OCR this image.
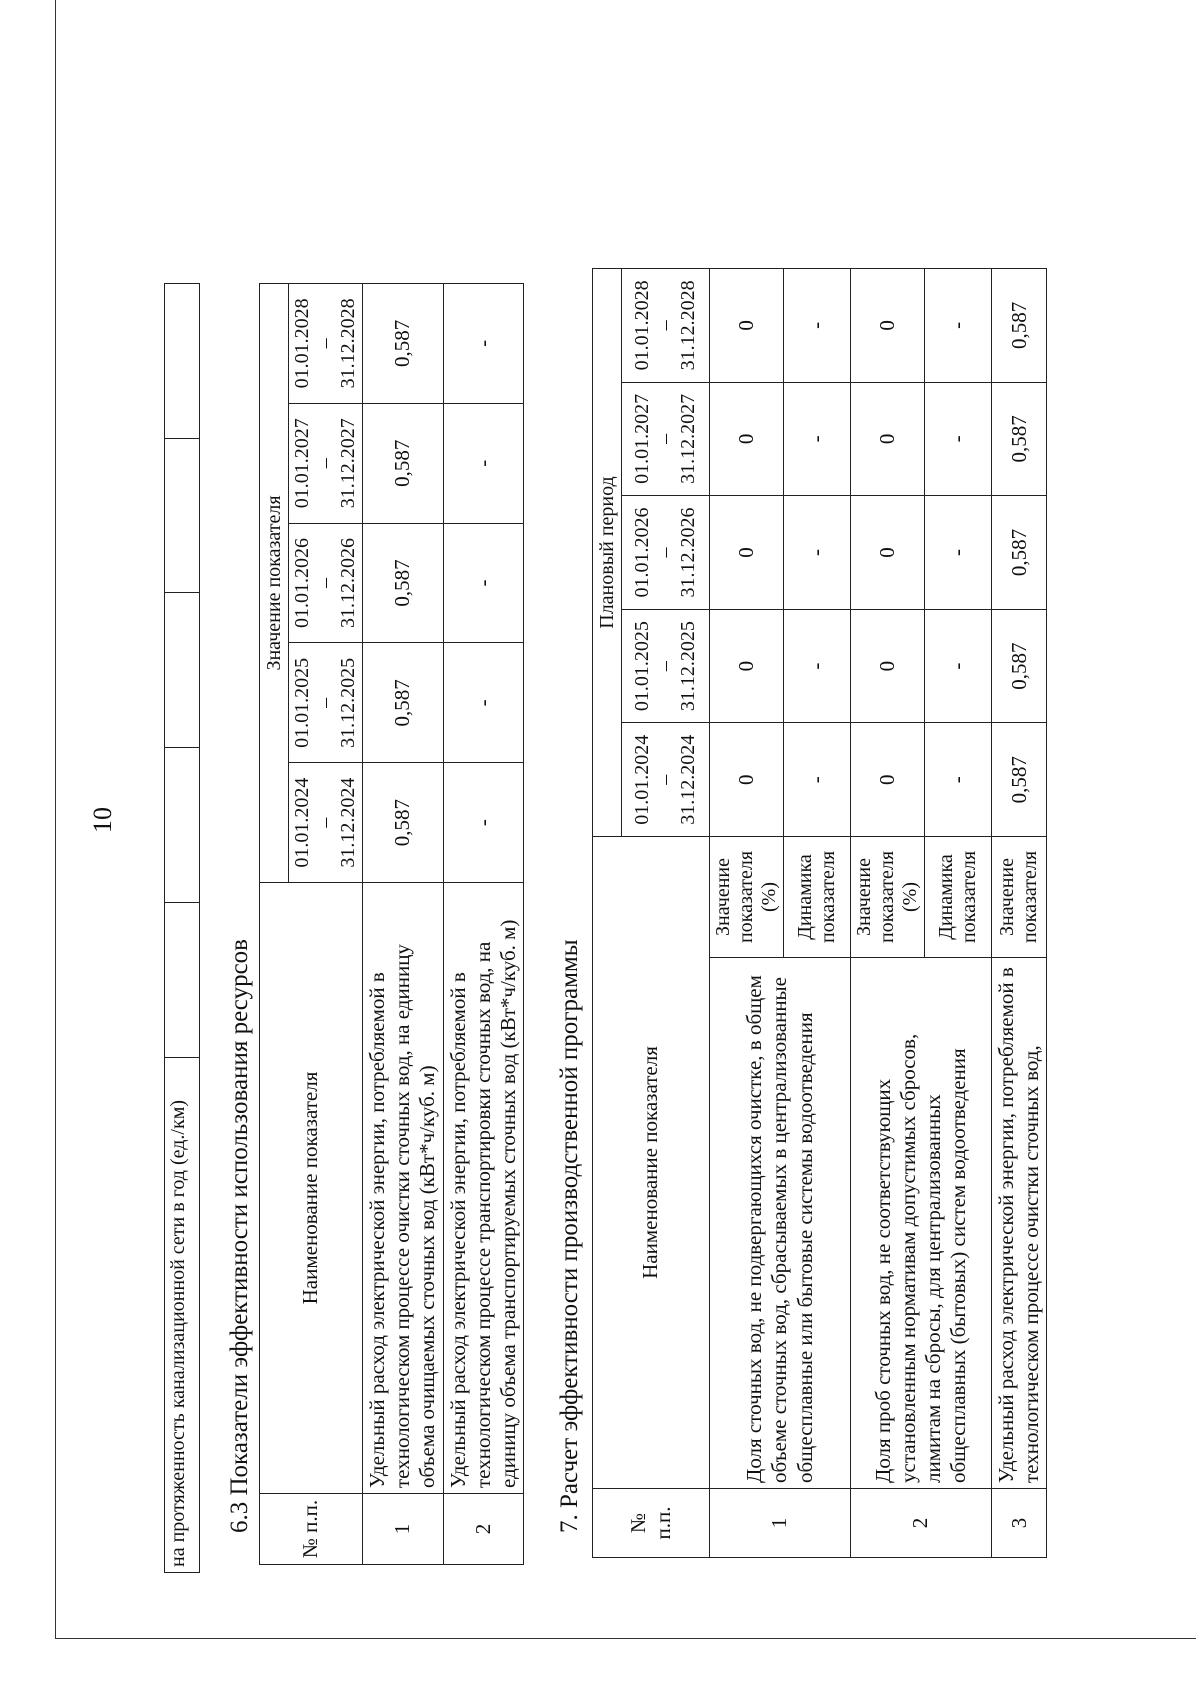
10
на протяженность канализационной сети в год (ед./км)					6.3 Показатели эффективности использования ресурсов № п.п.	Наименование показателя	Значение показателя				
		01.01.2024 – 31.12.2024	01.01.2025 – 31.12.2025	01.01.2026 – 31.12.2026	01.01.2027 – 31.12.2027	01.01.2028 – 31.12.2028
1	Удельный расход электрической энергии, потребляемой в технологическом процессе очистки сточных вод, на единицу объема очищаемых сточных вод (кВт*ч/куб. м)	0,587	0,587	0,587	0,587	0,587
2	Удельный расход электрической энергии, потребляемой в технологическом процессе транспортировки сточных вод, на единицу объема транспортируемых сточных вод (кВт*ч/куб. м)	-	-	-	-	-
7. Расчет эффективности производственной программы № п.п.	Наименование показателя		Плановый период				
			01.01.2024 – 31.12.2024	01.01.2025 – 31.12.2025	01.01.2026 – 31.12.2026	01.01.2027 – 31.12.2027	01.01.2028 – 31.12.2028
1	Доля сточных вод, не подвергающихся очистке, в общем объеме сточных вод, сбрасываемых в централизованные общесплавные или бытовые системы водоотведения	Значение показателя (%)	0	0	0	0	0
		Динамика показателя	-	-	-	-	-
2	Доля проб сточных вод, не соответствующих установленным нормативам допустимых сбросов, лимитам на сбросы, для централизованных общесплавных (бытовых) систем водоотведения	Значение показателя (%)	0	0	0	0	0
		Динамика показателя	-	-	-	-	-
3	Удельный расход электрической энергии, потребляемой в технологическом процессе очистки сточных вод,	Значение показателя	0,587	0,587	0,587	0,587	0,587
